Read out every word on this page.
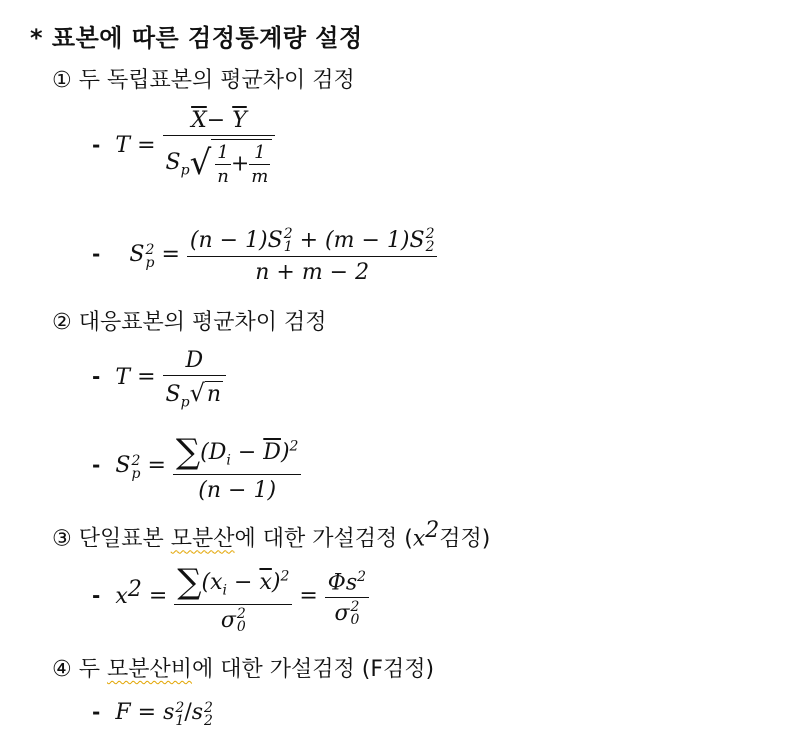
* 표본에 따른 검정통계량 설정
① 두 독립표본의 평균차이 검정
- $T = \frac{\overline{X}- \overline{Y}}{S_p√ \frac{1}{n} + \frac{1}{m}}$
- S 2
p = (n − 1)S 2
1 + (m − 1)S 2
2
n + m − 2
② 대응표본의 평균차이 검정
- $T = \frac{D}{S_p√n}$
- S 2
$p = \frac{\sum(D_i - \overline{D})^2}{(n - 1)}$
③ 단일표본 모분산에 대한 가설검정 ($x^2$검정)
- $x^2 = \sum(x_i - \overline{x})^2$
σ 2
$0 = \Phi s^2$
σ 2
0
④ 두 모분산비에 대한 가설검정 (F검정)
- F = s 2
1 /s 2
2
